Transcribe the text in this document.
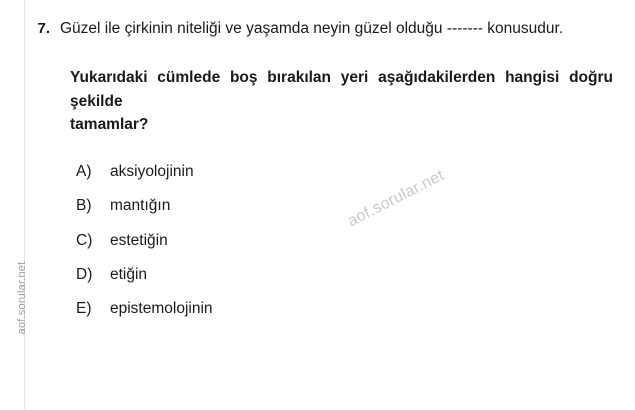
aof.sorular.net
7. Güzel ile çirkinin niteliği ve yaşamda neyin güzel olduğu ------- konusudur.
Yukarıdaki cümlede boş bırakılan yeri aşağıdakilerden hangisi doğru şekilde
tamamlar?
A)	aksiyolojinin
B)	mantığın
C)	estetiğin
D)	etiğin
E)	epistemolojinin
aof.sorular.net
